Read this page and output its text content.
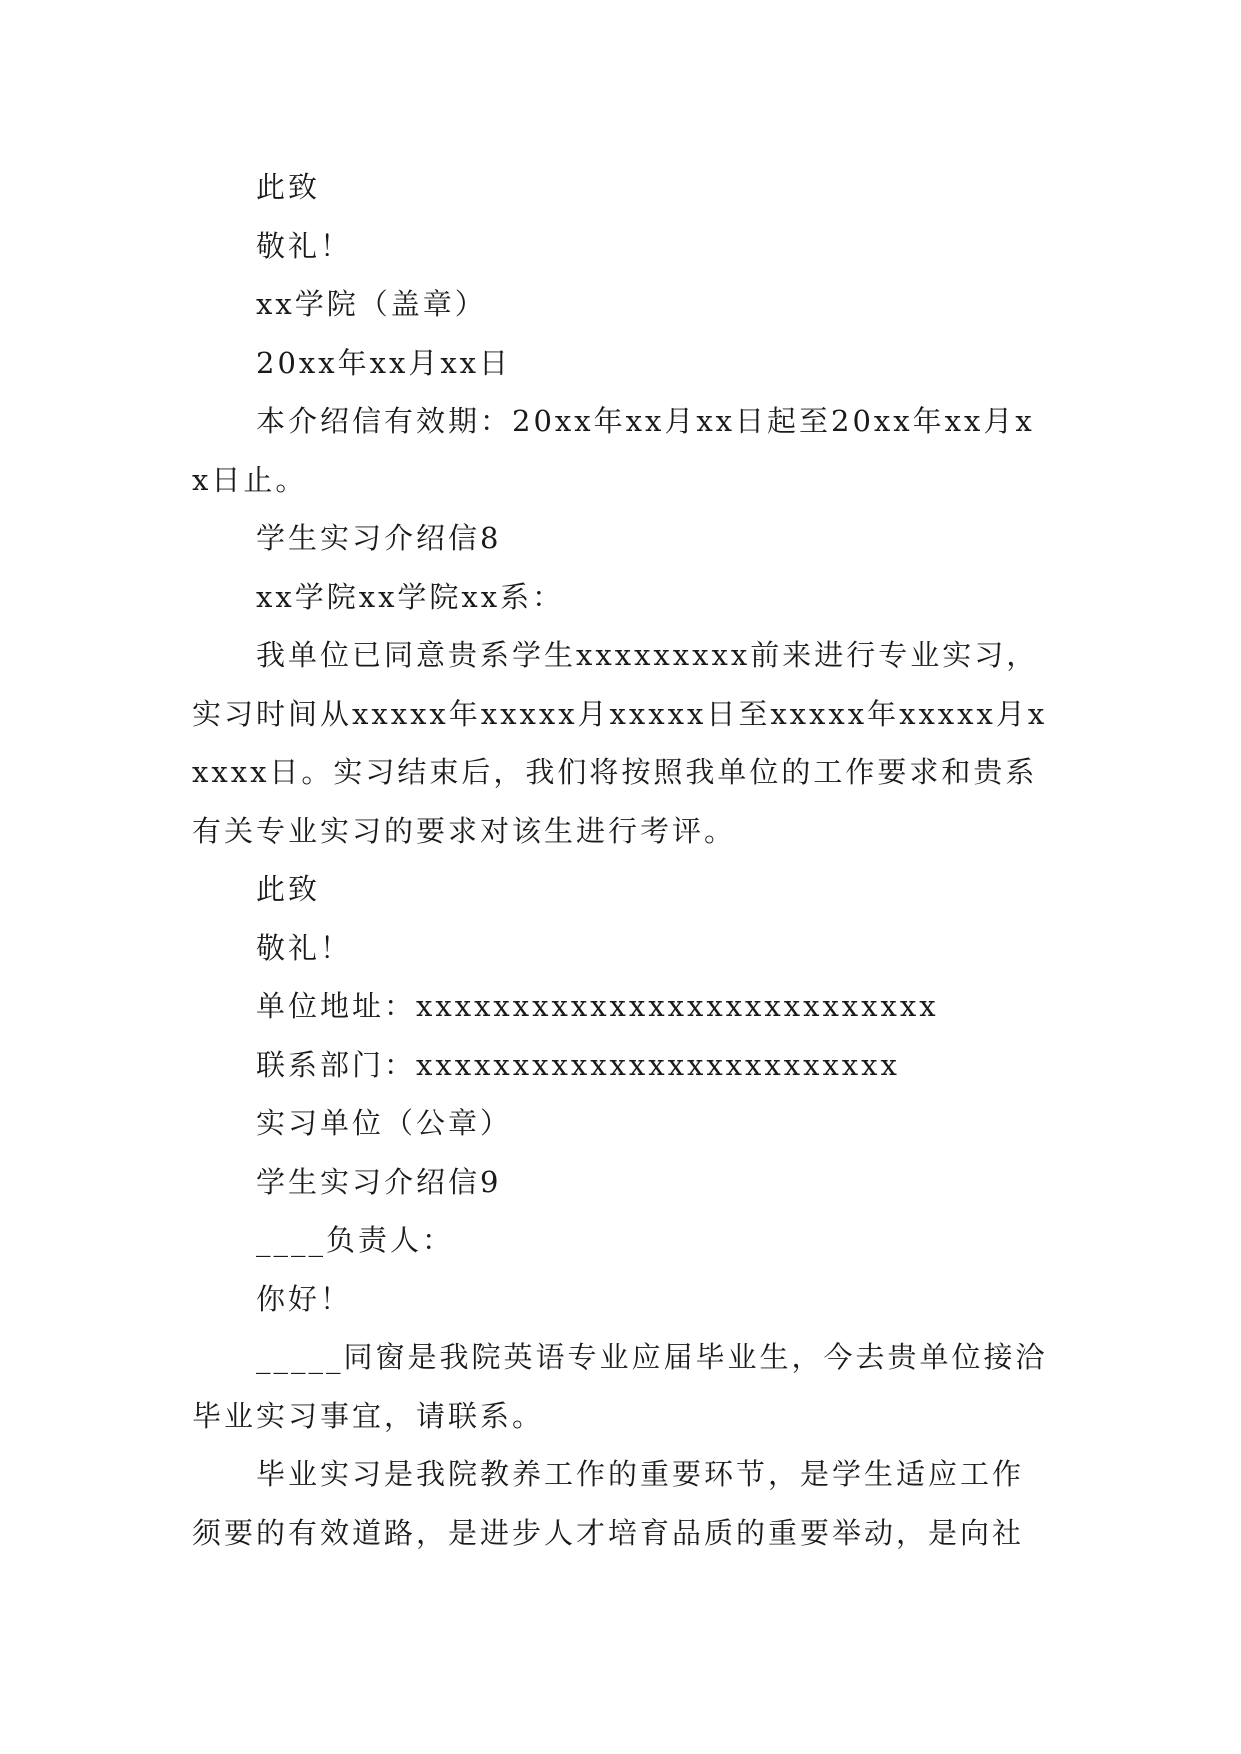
此致

敬礼！

xx学院（盖章）

20xx年xx月xx日

本介绍信有效期：20xx年xx月xx日起至20xx年xx月xx日止。

学生实习介绍信8

xx学院xx学院xx系：

我单位已同意贵系学生xxxxxxxxx前来进行专业实习，实习时间从xxxxx年xxxxx月xxxxx日至xxxxx年xxxxx月xxxxx日。实习结束后，我们将按照我单位的工作要求和贵系有关专业实习的要求对该生进行考评。

此致

敬礼！

单位地址：xxxxxxxxxxxxxxxxxxxxxxxxxxx

联系部门：xxxxxxxxxxxxxxxxxxxxxxxxx

实习单位（公章）

学生实习介绍信9

____负责人：

你好！

_____同窗是我院英语专业应届毕业生，今去贵单位接洽毕业实习事宜，请联系。

毕业实习是我院教养工作的重要环节，是学生适应工作须要的有效道路，是进步人才培育品质的重要举动，是向社
